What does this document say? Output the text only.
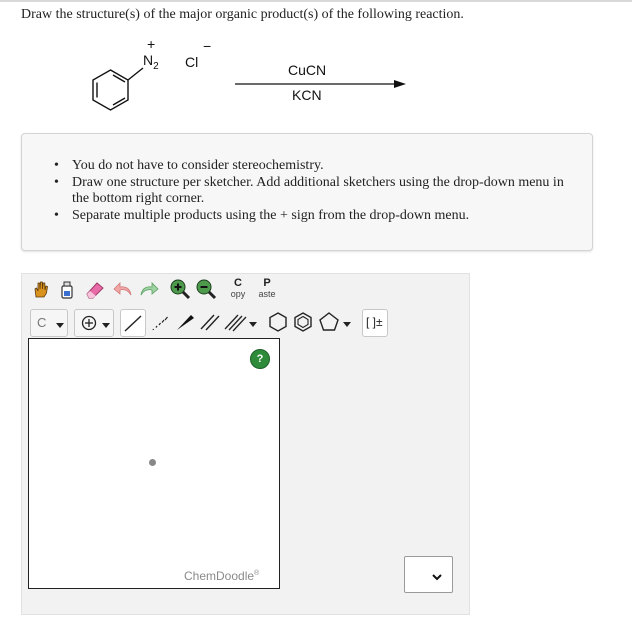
Draw the structure(s) of the major organic product(s) of the following reaction.
+
$N_2$ Cl
−
CuCN
KCN
• You do not have to consider stereochemistry.
• Draw one structure per sketcher. Add additional sketchers using the drop-down menu in the bottom right corner.
• Separate multiple products using the + sign from the drop-down menu.
C
opy
P
aste
C	[ ]±
?
ChemDoodle®
